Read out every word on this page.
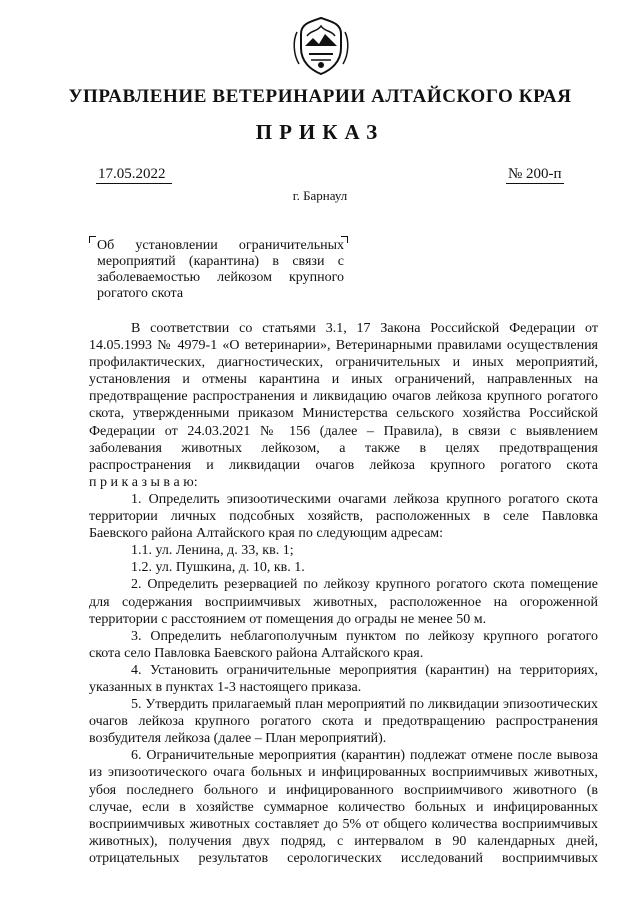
УПРАВЛЕНИЕ ВЕТЕРИНАРИИ АЛТАЙСКОГО КРАЯ
ПРИКАЗ
17.05.2022	№ 200-п
г. Барнаул
Об установлении ограничительных
мероприятий (карантина) в связи с
заболеваемостью лейкозом крупного
рогатого скота
В соответствии со статьями 3.1, 17 Закона Российской Федерации от
14.05.1993 № 4979-1 «О ветеринарии», Ветеринарными правилами осуществления
профилактических, диагностических, ограничительных и иных мероприятий,
установления и отмены карантина и иных ограничений, направленных на
предотвращение распространения и ликвидацию очагов лейкоза крупного рогатого
скота, утвержденными приказом Министерства сельского хозяйства Российской
Федерации от 24.03.2021 № 156 (далее – Правила), в связи с выявлением
заболевания животных лейкозом, а также в целях предотвращения
распространения и ликвидации очагов лейкоза крупного рогатого скота
п р и к а з ы в а ю:
1. Определить эпизоотическими очагами лейкоза крупного рогатого скота
территории личных подсобных хозяйств, расположенных в селе Павловка
Баевского района Алтайского края по следующим адресам:
1.1. ул. Ленина, д. 33, кв. 1;
1.2. ул. Пушкина, д. 10, кв. 1.
2. Определить резервацией по лейкозу крупного рогатого скота помещение
для содержания восприимчивых животных, расположенное на огороженной
территории с расстоянием от помещения до ограды не менее 50 м.
3. Определить неблагополучным пунктом по лейкозу крупного рогатого
скота село Павловка Баевского района Алтайского края.
4. Установить ограничительные мероприятия (карантин) на территориях,
указанных в пунктах 1-3 настоящего приказа.
5. Утвердить прилагаемый план мероприятий по ликвидации эпизоотических
очагов лейкоза крупного рогатого скота и предотвращению распространения
возбудителя лейкоза (далее – План мероприятий).
6. Ограничительные мероприятия (карантин) подлежат отмене после вывоза
из эпизоотического очага больных и инфицированных восприимчивых животных,
убоя последнего больного и инфицированного восприимчивого животного (в
случае, если в хозяйстве суммарное количество больных и инфицированных
восприимчивых животных составляет до 5% от общего количества восприимчивых
животных), получения двух подряд, с интервалом в 90 календарных дней,
отрицательных результатов серологических исследований восприимчивых
